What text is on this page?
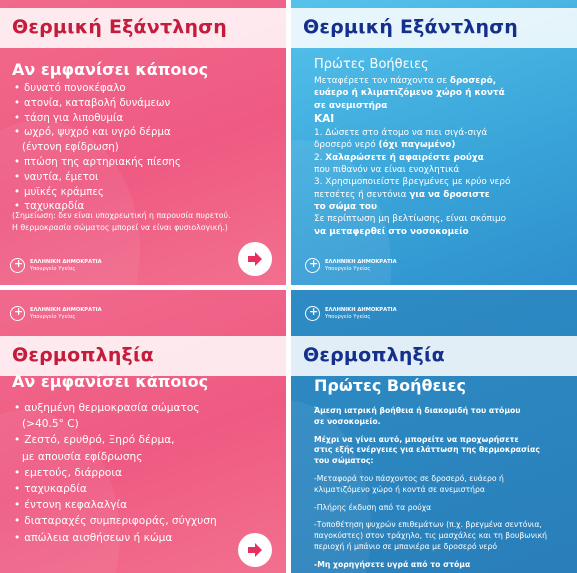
Θερμική Εξάντληση
Αν εμφανίσει κάποιος
• δυνατό πονοκέφαλο
• ατονία, καταβολή δυνάμεων
• τάση για λιποθυμία
• ωχρό, ψυχρό και υγρό δέρμα
(έντονη εφίδρωση)
• πτώση της αρτηριακής πίεσης
• ναυτία, έμετοι
• μυϊκές κράμπες
• ταχυκαρδία
(Σημείωση: δεν είναι υποχρεωτική η παρουσία πυρετού.
Η θερμοκρασία σώματος μπορεί να είναι φυσιολογική.)
+
ΕΛΛΗΝΙΚΗ ΔΗΜΟΚΡΑΤΙΑ
Υπουργείο Υγείας
Θερμική Εξάντληση
Πρώτες Βοήθειες
Μεταφέρετε τον πάσχοντα σε δροσερό,
ευάερο ή κλιματιζόμενο χώρο ή κοντά
σε ανεμιστήρα
ΚΑΙ
1. Δώσετε στο άτομο να πιει σιγά-σιγά
δροσερό νερό (όχι παγωμένο)
2. Χαλαρώσετε ή αφαιρέστε ρούχα
που πιθανόν να είναι ενοχλητικά
3. Χρησιμοποιείστε βρεγμένες με κρύο νερό
πετσέτες ή σεντόνια για να δροσιστε
το σώμα του
Σε περίπτωση μη βελτίωσης, είναι σκόπιμο
να μεταφερθεί στο νοσοκομείο
+
ΕΛΛΗΝΙΚΗ ΔΗΜΟΚΡΑΤΙΑ
Υπουργείο Υγείας
+
ΕΛΛΗΝΙΚΗ ΔΗΜΟΚΡΑΤΙΑ
Υπουργείο Υγείας
Θερμοπληξία
Αν εμφανίσει κάποιος
• αυξημένη θερμοκρασία σώματος
(>40.5° C)
• Ζεστό, ερυθρό, Ξηρό δέρμα,
με απουσία εφίδρωσης
• εμετούς, διάρροια
• ταχυκαρδία
• έντονη κεφαλαλγία
• διαταραχές συμπεριφοράς, σύγχυση
• απώλεια αισθήσεων ή κώμα
+
ΕΛΛΗΝΙΚΗ ΔΗΜΟΚΡΑΤΙΑ
Υπουργείο Υγείας
Θερμοπληξία
Πρώτες Βοήθειες
Άμεση ιατρική βοήθεια ή διακομιδή του ατόμου
σε νοσοκομείο.
Μέχρι να γίνει αυτό, μπορείτε να προχωρήσετε
στις εξής ενέργειες για ελάττωση της θερμοκρασίας
του σώματος:
-Μεταφορά του πάσχοντος σε δροσερό, ευάερο ή
κλιματιζόμενο χώρο ή κοντά σε ανεμιστήρα
-Πλήρης έκδυση από τα ρούχα
-Τοποθέτηση ψυχρών επιθεμάτων (π.χ. βρεγμένα σεντόνια,
παγοκύστες) στον τράχηλο, τις μασχάλες και τη βουβωνική
περιοχή ή μπάνιο σε μπανιέρα με δροσερό νερό
-Μη χορηγήσετε υγρά από το στόμα
